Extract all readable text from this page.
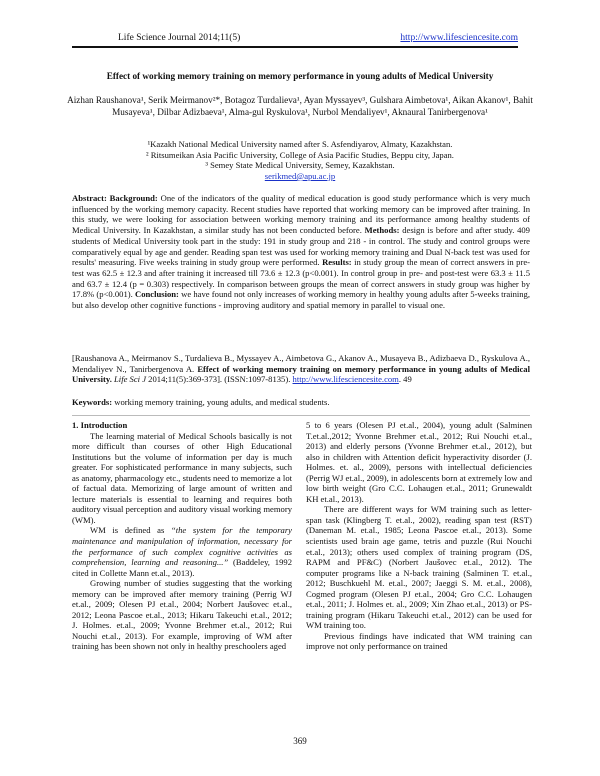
Life Science Journal 2014;11(5)	http://www.lifesciencesite.com
Effect of working memory training on memory performance in young adults of Medical University
Aizhan Raushanova¹, Serik Meirmanov²*, Botagoz Turdalieva¹, Ayan Myssayev³, Gulshara Aimbetova¹, Aikan Akanov¹, Bahit Musayeva¹, Dilbar Adizbaeva¹, Alma-gul Ryskulova¹, Nurbol Mendaliyev¹, Aknaural Tanirbergenova¹
¹Kazakh National Medical University named after S. Asfendiyarov, Almaty, Kazakhstan.
² Ritsumeikan Asia Pacific University, College of Asia Pacific Studies, Beppu city, Japan.
³ Semey State Medical University, Semey, Kazakhstan.
serikmed@apu.ac.jp
Abstract: Background: One of the indicators of the quality of medical education is good study performance which is very much influenced by the working memory capacity. Recent studies have reported that working memory can be improved after training. In this study, we were looking for association between working memory training and its performance among healthy students of Medical University. In Kazakhstan, a similar study has not been conducted before. Methods: design is before and after study. 409 students of Medical University took part in the study: 191 in study group and 218 - in control. The study and control groups were comparatively equal by age and gender. Reading span test was used for working memory training and Dual N-back test was used for results' measuring. Five weeks training in study group were performed. Results: in study group the mean of correct answers in pre-test was 62.5 ± 12.3 and after training it increased till 73.6 ± 12.3 (p<0.001). In control group in pre- and post-test were 63.3 ± 11.5 and 63.7 ± 12.4 (p = 0.303) respectively. In comparison between groups the mean of correct answers in study group was higher by 17.8% (p<0.001). Conclusion: we have found not only increases of working memory in healthy young adults after 5-weeks training, but also develop other cognitive functions - improving auditory and spatial memory in parallel to visual one.
[Raushanova A., Meirmanov S., Turdalieva B., Myssayev A., Aimbetova G., Akanov A., Musayeva B., Adizbaeva D., Ryskulova A., Mendaliyev N., Tanirbergenova A. Effect of working memory training on memory performance in young adults of Medical University. Life Sci J 2014;11(5):369-373]. (ISSN:1097-8135). http://www.lifesciencesite.com. 49
Keywords: working memory training, young adults, and medical students.

1. Introduction

The learning material of Medical Schools basically is not more difficult than courses of other High Educational Institutions but the volume of information per day is much greater. For sophisticated performance in many subjects, such as anatomy, pharmacology etc., students need to memorize a lot of factual data. Memorizing of large amount of written and lecture materials is essential to learning and requires both auditory visual perception and auditory visual working memory (WM).

WM is defined as “the system for the temporary maintenance and manipulation of information, necessary for the performance of such complex cognitive activities as comprehension, learning and reasoning...” (Baddeley, 1992 cited in Collette Mann et.al., 2013).

Growing number of studies suggesting that the working memory can be improved after memory training (Perrig WJ et.al., 2009; Olesen PJ et.al., 2004; Norbert Jaušovec et.al., 2012; Leona Pascoe et.al., 2013; Hikaru Takeuchi et.al., 2012; J. Holmes. et.al., 2009; Yvonne Brehmer et.al., 2012; Rui Nouchi et.al., 2013). For example, improving of WM after training has been shown not only in healthy preschoolers aged

5 to 6 years (Olesen PJ et.al., 2004), young adult (Salminen T.et.al.,2012; Yvonne Brehmer et.al., 2012; Rui Nouchi et.al., 2013) and elderly persons (Yvonne Brehmer et.al., 2012), but also in children with Attention deficit hyperactivity disorder (J. Holmes. et. al., 2009), persons with intellectual deficiencies (Perrig WJ et.al., 2009), in adolescents born at extremely low and low birth weight (Gro C.C. Lohaugen et.al., 2011; Grunewaldt KH et.al., 2013).

There are different ways for WM training such as letter-span task (Klingberg T. et.al., 2002), reading span test (RST) (Daneman M. et.al., 1985; Leona Pascoe et.al., 2013). Some scientists used brain age game, tetris and puzzle (Rui Nouchi et.al., 2013); others used complex of training program (DS, RAPM and PF&C) (Norbert Jaušovec et.al., 2012). The computer programs like a N-back training (Salminen T. et.al., 2012; Buschkuehl M. et.al., 2007; Jaeggi S. M. et.al., 2008), Cogmed program (Olesen PJ et.al., 2004; Gro C.C. Lohaugen et.al., 2011; J. Holmes et. al., 2009; Xin Zhao et.al., 2013) or PS-training program (Hikaru Takeuchi et.al., 2012) can be used for WM training too.

Previous findings have indicated that WM training can improve not only performance on trained

369
